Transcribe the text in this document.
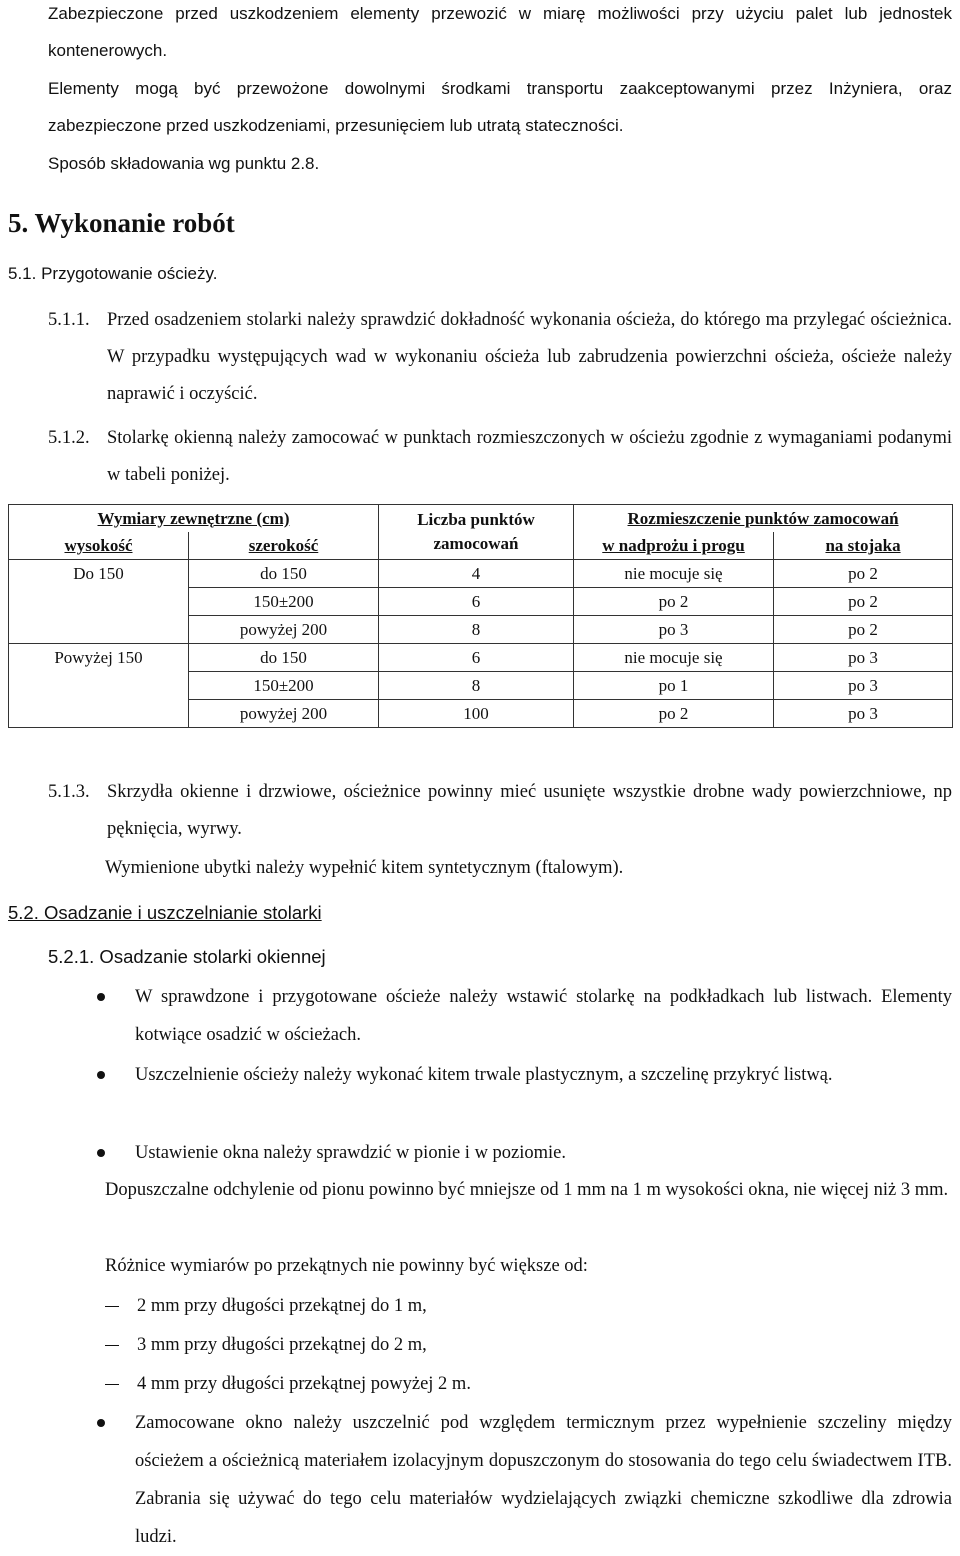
Zabezpieczone przed uszkodzeniem elementy przewozić w miarę możliwości przy użyciu palet lub jednostek kontenerowych.

Elementy mogą być przewożone dowolnymi środkami transportu zaakceptowanymi przez Inżyniera, oraz zabezpieczone przed uszkodzeniami, przesunięciem lub utratą stateczności.

Sposób składowania wg punktu 2.8.

5. Wykonanie robót

5.1. Przygotowanie ościeży.

5.1.1. Przed osadzeniem stolarki należy sprawdzić dokładność wykonania ościeża, do którego ma przylegać ościeżnica. W przypadku występujących wad w wykonaniu ościeża lub zabrudzenia powierzchni ościeża, ościeże należy naprawić i oczyścić.
5.1.2. Stolarkę okienną należy zamocować w punktach rozmieszczonych w ościeżu zgodnie z wymaganiami podanymi w tabeli poniżej.
Wymiary zewnętrzne (cm)		Liczba punktów zamocowań	Rozmieszczenie punktów zamocowań	
wysokość	szerokość		w nadprożu i progu	na stojaka
Do 150	do 150	4	nie mocuje się	po 2
	150±200	6	po 2	po 2
	powyżej 200	8	po 3	po 2
Powyżej 150	do 150	6	nie mocuje się	po 3
	150±200	8	po 1	po 3
	powyżej 200	100	po 2	po 3
5.1.3. Skrzydła okienne i drzwiowe, ościeżnice powinny mieć usunięte wszystkie drobne wady powierzchniowe, np pęknięcia, wyrwy.

Wymienione ubytki należy wypełnić kitem syntetycznym (ftalowym).

5.2. Osadzanie i uszczelnianie stolarki

5.2.1. Osadzanie stolarki okiennej

W sprawdzone i przygotowane ościeże należy wstawić stolarkę na podkładkach lub listwach. Elementy kotwiące osadzić w ościeżach.
Uszczelnienie ościeży należy wykonać kitem trwale plastycznym, a szczelinę przykryć listwą.
Ustawienie okna należy sprawdzić w pionie i w poziomie.

Dopuszczalne odchylenie od pionu powinno być mniejsze od 1 mm na 1 m wysokości okna, nie więcej niż 3 mm.

Różnice wymiarów po przekątnych nie powinny być większe od:

2 mm przy długości przekątnej do 1 m,
3 mm przy długości przekątnej do 2 m,
4 mm przy długości przekątnej powyżej 2 m.
Zamocowane okno należy uszczelnić pod względem termicznym przez wypełnienie szczeliny między ościeżem a ościeżnicą materiałem izolacyjnym dopuszczonym do stosowania do tego celu świadectwem ITB. Zabrania się używać do tego celu materiałów wydzielających związki chemiczne szkodliwe dla zdrowia ludzi.
